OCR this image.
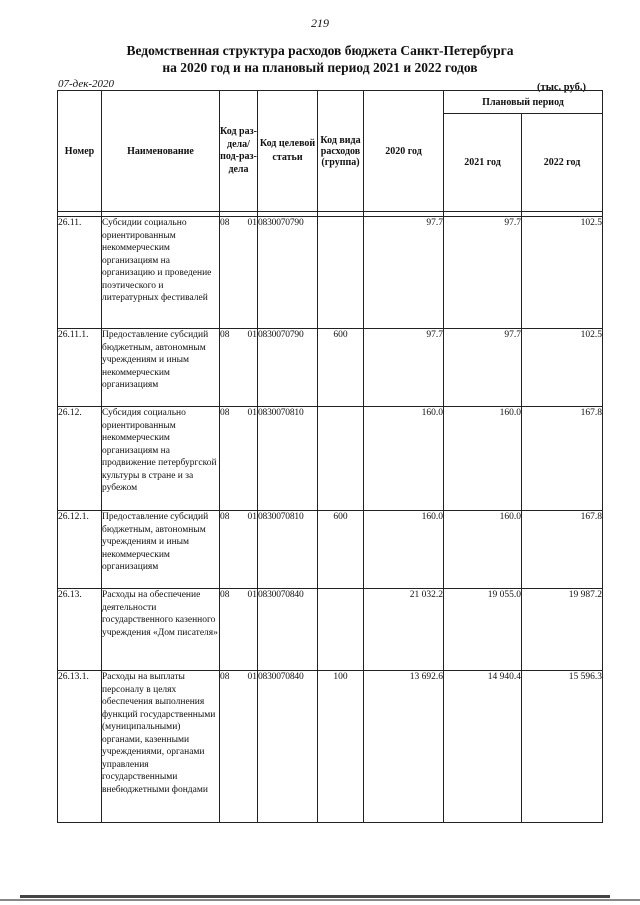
219
Ведомственная структура расходов бюджета Санкт-Петербурга
на 2020 год и на плановый период 2021 и 2022 годов
07-дек-2020	(тыс. руб.)
Номер	Наименование	Код раз-дела/ под-раз-дела	Код целевой статьи	Код вида расходов (группа)	2020 год	Плановый период	
						2021 год	2022 год

26.11.	Субсидии социально ориентированным некоммерческим организациям на организацию и проведение поэтического и литературных фестивалей	08 01	0830070790		97.7	97.7	102.5
26.11.1.	Предоставление субсидий бюджетным, автономным учреждениям и иным некоммерческим организациям	08 01	0830070790	600	97.7	97.7	102.5
26.12.	Субсидия социально ориентированным некоммерческим организациям на продвижение петербургской культуры в стране и за рубежом	08 01	0830070810		160.0	160.0	167.8
26.12.1.	Предоставление субсидий бюджетным, автономным учреждениям и иным некоммерческим организациям	08 01	0830070810	600	160.0	160.0	167.8
26.13.	Расходы на обеспечение деятельности государственного казенного учреждения «Дом писателя»	08 01	0830070840		21 032.2	19 055.0	19 987.2
26.13.1.	Расходы на выплаты персоналу в целях обеспечения выполнения функций государственными (муниципальными) органами, казенными учреждениями, органами управления государственными внебюджетными фондами	08 01	0830070840	100	13 692.6	14 940.4	15 596.3
